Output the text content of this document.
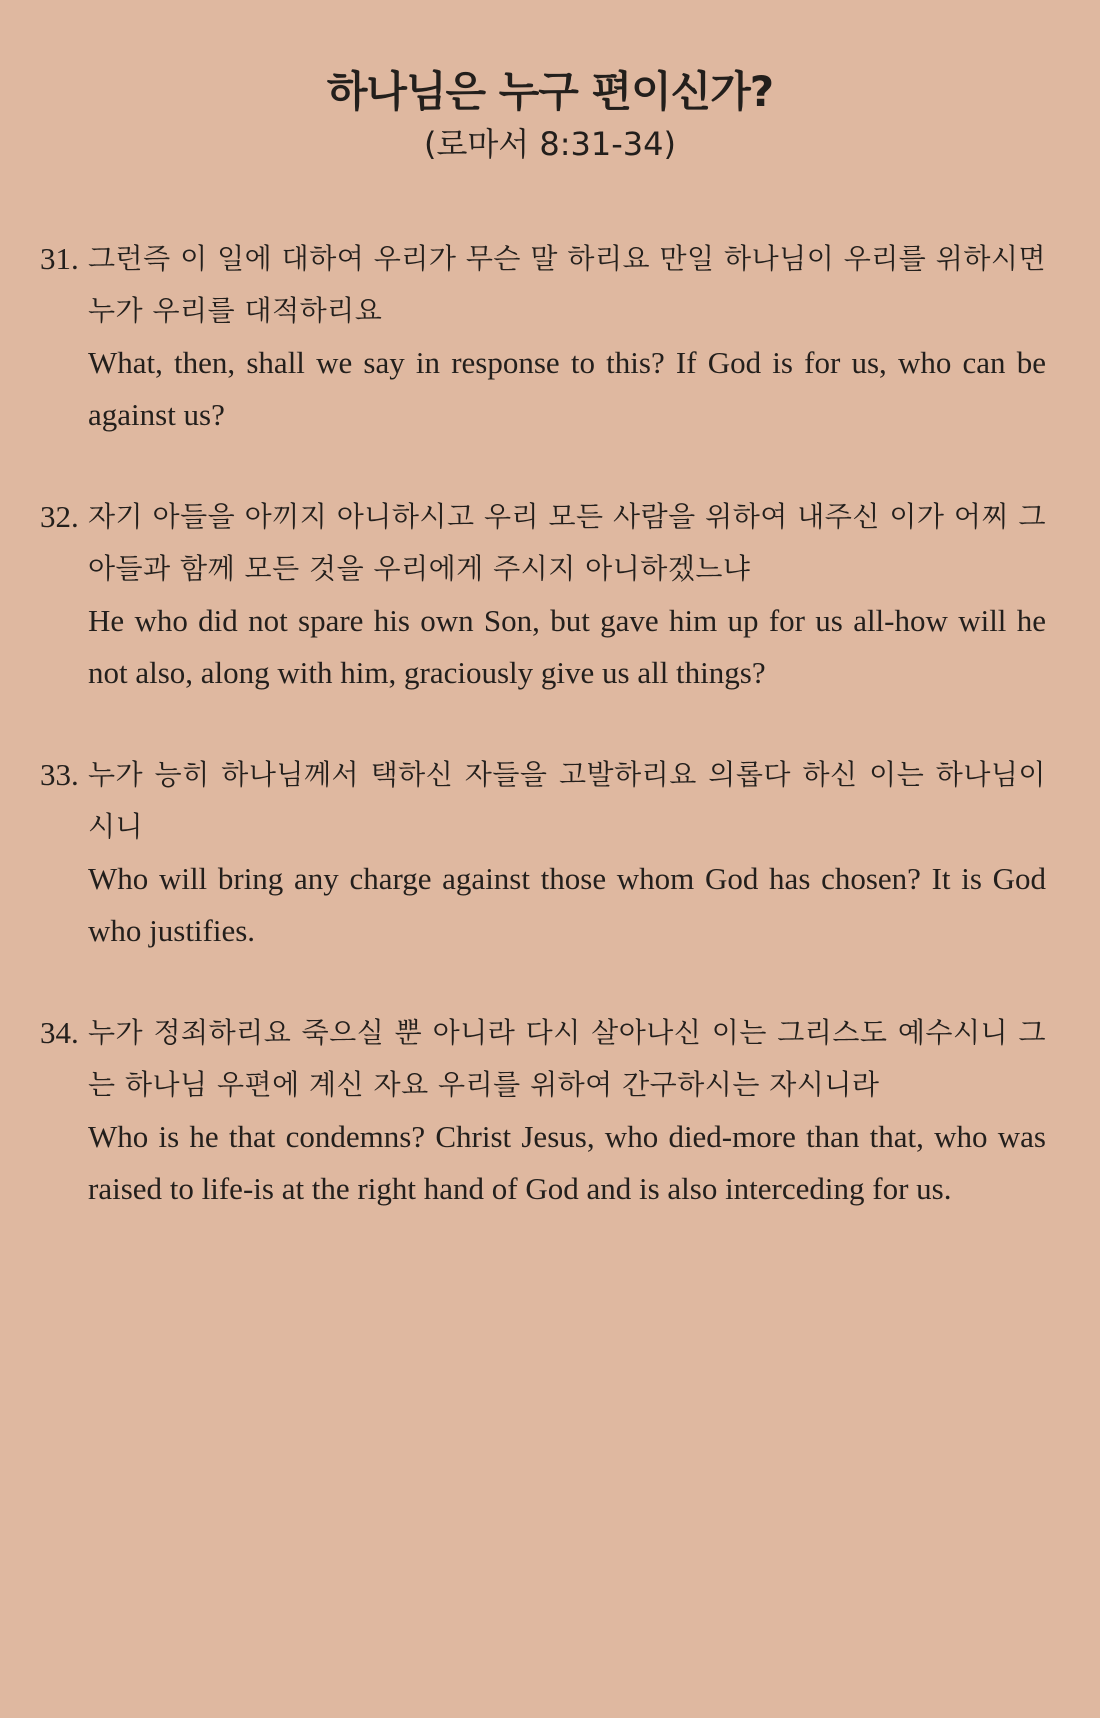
하나님은 누구 편이신가?

(로마서 8:31-34)

31. 그런즉 이 일에 대하여 우리가 무슨 말 하리요 만일 하나님이 우리를 위하시면 누가 우리를 대적하리요

What, then, shall we say in response to this? If God is for us, who can be against us?

32. 자기 아들을 아끼지 아니하시고 우리 모든 사람을 위하여 내주신 이가 어찌 그 아들과 함께 모든 것을 우리에게 주시지 아니하겠느냐

He who did not spare his own Son, but gave him up for us all-how will he not also, along with him, graciously give us all things?

33. 누가 능히 하나님께서 택하신 자들을 고발하리요 의롭다 하신 이는 하나님이시니

Who will bring any charge against those whom God has chosen? It is God who justifies.

34. 누가 정죄하리요 죽으실 뿐 아니라 다시 살아나신 이는 그리스도 예수시니 그는 하나님 우편에 계신 자요 우리를 위하여 간구하시는 자시니라

Who is he that condemns? Christ Jesus, who died-more than that, who was raised to life-is at the right hand of God and is also interceding for us.
